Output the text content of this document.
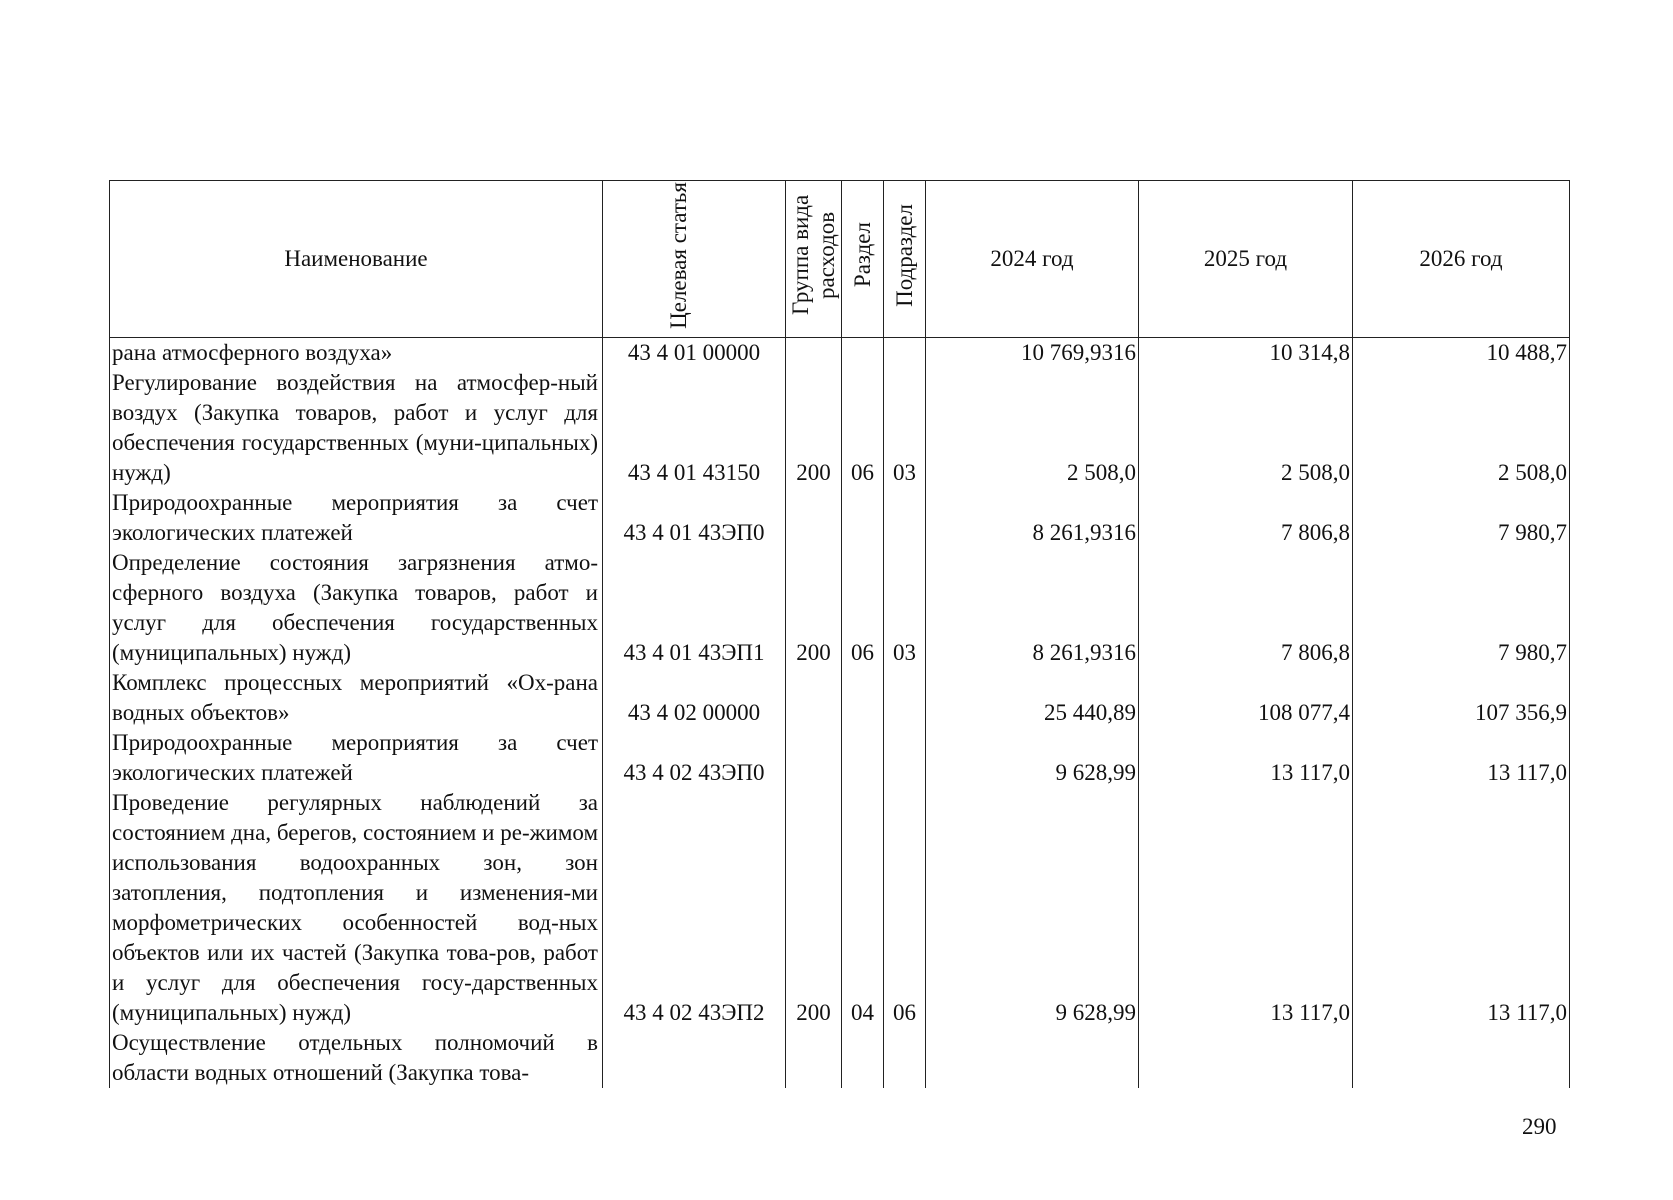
Наименование	Целевая статья	Группа вида расходов	Раздел	Подраздел	2024 год	2025 год	2026 год
рана атмосферного воздуха»	43 4 01 00000				10 769,9316	10 314,8	10 488,7
Регулирование воздействия на атмосфер-ный воздух (Закупка товаров, работ и услуг для обеспечения государственных (муни-ципальных) нужд)	43 4 01 43150	200	06	03	2 508,0	2 508,0	2 508,0
Природоохранные мероприятия за счет экологических платежей	43 4 01 43ЭП0				8 261,9316	7 806,8	7 980,7
Определение состояния загрязнения атмо-сферного воздуха (Закупка товаров, работ и услуг для обеспечения государственных (муниципальных) нужд)	43 4 01 43ЭП1	200	06	03	8 261,9316	7 806,8	7 980,7
Комплекс процессных мероприятий «Ох-рана водных объектов»	43 4 02 00000				25 440,89	108 077,4	107 356,9
Природоохранные мероприятия за счет экологических платежей	43 4 02 43ЭП0				9 628,99	13 117,0	13 117,0
Проведение регулярных наблюдений за состоянием дна, берегов, состоянием и ре-жимом использования водоохранных зон, зон затопления, подтопления и изменения-ми морфометрических особенностей вод-ных объектов или их частей (Закупка това-ров, работ и услуг для обеспечения госу-дарственных (муниципальных) нужд)	43 4 02 43ЭП2	200	04	06	9 628,99	13 117,0	13 117,0
Осуществление отдельных полномочий в области водных отношений (Закупка това-							
290
